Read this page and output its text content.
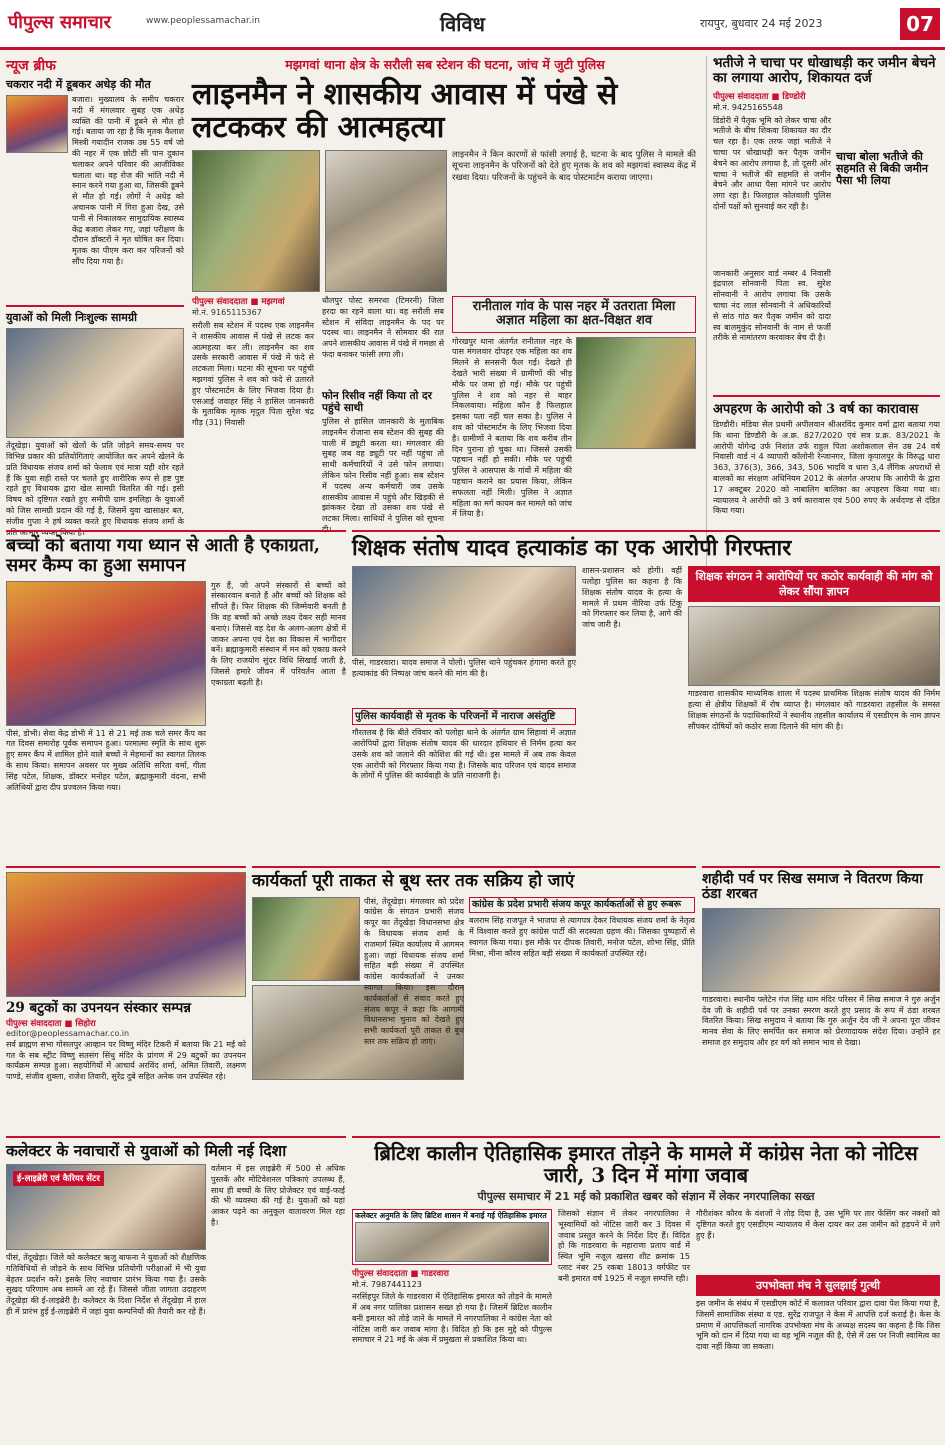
पीपुल्स समाचार	www.peoplessamachar.in	विविध	रायपुर, बुधवार 24 मई 2023	07
न्यूज ब्रीफ
चकरार नदी में डूबकर अधेड़ की मौत
बजारा। मुख्यालय के समीप चकरार नदी में मंगलवार सुबह एक अधेड़ व्यक्ति की पानी में डूबने से मौत हो गई। बताया जा रहा है कि मृतक कैलाश मिस्त्री गयादीन राजक उम्र 55 वर्ष जो की नहर में एक छोटी सी पान दुकान चलाकर अपने परिवार की आजीविका चलाता था। वह रोज की भांति नदी में स्नान करने गया हुआ था, जिसकी डूबने से मौत हो गई। लोगों ने अधेड़ को अचानक पानी में गिरा हुआ देख, उसे पानी से निकालकर सामुदायिक स्वास्थ्य केंद्र बजारा लेकर गए, जहां परीक्षण के दौरान डॉक्टरों ने मृत घोषित कर दिया। मृतक का पीएम करा कर परिजनों को सौंप दिया गया है।
युवाओं को मिली निःशुल्क सामग्री
तेंदूखेड़ा। युवाओं को खेलों के प्रति जोड़ने समय-समय पर विभिन्न प्रकार की प्रतियोगिताएं आयोजित कर अपने खेलने के प्रति विधायक संजय शर्मा को फेलाव एवं मात्रा यही शोर रहते हैं कि युवा सही रास्ते पर चलते हुए शारीरिक रूप से हष्ट पुष्ट रहते हुए विधायक द्वारा खेल सामग्री वितरित की गई। इसी विषय को दृष्टिगत रखते हुए समीपी ग्राम इमलिहा के युवाओं को जिस सामग्री प्रदान की गई है, जिसमें युवा खासाक्षर बत, संजीव गुप्ता ने हर्ष व्यक्त करते हुए विधायक संजय शर्मा के प्रति आभार व्यक्त किया है।
मझगवां थाना क्षेत्र के सरौली सब स्टेशन की घटना, जांच में जुटी पुलिस
लाइनमैन ने शासकीय आवास में पंखे से लटककर की आत्महत्या
लाइनमैन ने किन कारणों से फांसी लगाई है, घटना के बाद पुलिस ने मामले की सूचना लाइनमैन के परिजनों को देते हुए मृतक के शव को मझगवां स्वास्थ्य केंद्र में रखवा दिया। परिजनों के पहुंचने के बाद पोस्टमार्टम कराया जाएगा।
पीपुल्स संवाददाता ■ मझगवां
मो.नं. 9165115367
सरौली सब स्टेशन में पदस्थ एक लाइनमैन ने शासकीय आवास में पंखे से लटक कर आत्महत्या कर ली। लाइनमैन का शव उसके सरकारी आवास में पंखे में फंदे से लटकता मिला। घटना की सूचना पर पहुंची मझगवां पुलिस ने शव को फंदे से उतारते हुए पोस्टमार्टम के लिए भिजवा दिया है। एसआई जवाहर सिंह ने हासिल जानकारी के मुताबिक मृतक मृदुल पिता सुरेश चंद्र गौड़ (31) निवासी
धौलपुर पोस्ट समरथा (टिमरनी) जिला हरदा का रहने वाला था। वह सरौली सब स्टेशन में संविदा लाइनमैन के पद पर पदस्थ था। लाइनमैन ने सोमवार की रात अपने शासकीय आवास में पंखे में गमछा से फंदा बनाकर फांसी लगा ली।
फोन रिसीव नहीं किया तो दर पहुंचे साथी
पुलिस से हासिल जानकारी के मुताबिक लाइनमैन रोजाना सब स्टेशन की सुबह की पाली में ड्यूटी करता था। मंगलवार की सुबह जब वह ड्यूटी पर नहीं पहुंचा तो साथी कर्मचारियों ने उसे फोन लगाया। लेकिन फोन रिसीव नहीं हुआ। सब स्टेशन में पदस्थ अन्य कर्मचारी जब उसके शासकीय आवास में पहुंचे और खिड़की से झांककर देखा तो उसका शव पंखे से लटका मिला। साथियों ने पुलिस को सूचना दी।
रानीताल गांव के पास नहर में उतराता मिला अज्ञात महिला का क्षत-विक्षत शव
गोरखपुर थाना अंतर्गत रानीताल नहर के पास मंगलवार दोपहर एक महिला का शव मिलने से सनसनी फैल गई। देखते ही देखते भारी संख्या में ग्रामीणों की भीड़ मौके पर जमा हो गई। मौके पर पहुंची पुलिस ने शव को नहर से बाहर निकलवाया। महिला कौन है फिलहाल इसका पता नहीं चल सका है। पुलिस ने शव को पोस्टमार्टम के लिए भिजवा दिया है। ग्रामीणों ने बताया कि शव करीब तीन दिन पुराना हो चुका था। जिससे उसकी पहचान नहीं हो सकी। मौके पर पहुंची पुलिस ने आसपास के गांवों में महिला की पहचान कराने का प्रयास किया, लेकिन सफलता नहीं मिली। पुलिस ने अज्ञात महिला का मर्ग कायम कर मामले को जांच में लिया है।
भतीजे ने चाचा पर धोखाधड़ी कर जमीन बेचने का लगाया आरोप, शिकायत दर्ज
पीपुल्स संवाददाता ■ डिण्डोरी
मो.नं. 9425165548
डिंडोरी में पैतृक भूमि को लेकर चाचा और भतीजे के बीच शिकवा शिकायत का दौर चल रहा है। एक तरफ जहां भतीजे ने चाचा पर धोखाधड़ी कर पैतृक जमीन बेचने का आरोप लगाया है, तो दूसरी ओर चाचा ने भतीजे की सहमति से जमीन बेचने और आधा पैसा मांगने पर आरोप लगा रहा है। फिलहाल कोतवाली पुलिस दोनों पक्षों को सुनवाई कर रही है।
जानकारी अनुसार वार्ड नम्बर 4 निवासी इंद्रपाल सोनवानी पिता स्व. सुरेश सोनवानी ने आरोप लगाया कि उसके चाचा नंद लाल सोनवानी ने अधिकारियों से सांठ गांठ कर पैतृक जमीन को दादा स्व बालमुकुंद सोनवानी के नाम से फर्जी तरीके से नामांतरण करवाकर बेच दी है।
चाचा बोला भतीजे की सहमति से बिकी जमीन पैसा भी लिया
अपहरण के आरोपी को 3 वर्ष का कारावास
डिण्डौरी। मंडिया सेल प्रथमी अपीलवान श्रीअरविंद कुमार वर्मा द्वारा बताया गया कि थाना डिण्डौरी के अ.क्र. 827/2020 एवं सत्र प्र.क्र. 83/2021 के आरोपी योगेन्द्र उर्फ निशांत उर्फ राहुल पिता अशोकलाल सेन उम्र 24 वर्ष निवासी वार्ड नं 4 व्यापारी कॉलोनी रेन्जानगर, जिला कृपालपुर के विरुद्ध धारा 363, 376(3), 366, 343, 506 भादवि व धारा 3,4 लैंगिक अपराधों से बालकों का संरक्षण अधिनियम 2012 के अंतर्गत अपराध कि आरोपी के द्वारा 17 अक्टूबर 2020 को नाबालिग बालिका का अपहरण किया गया था। न्यायालय ने आरोपी को 3 वर्ष कारावास एवं 500 रुपए के अर्थदण्ड से दंडित किया गया।
बच्चों को बताया गया ध्यान से आती है एकाग्रता, समर कैम्प का हुआ समापन
पीसं, डोभी। सेवा केंद्र डोभी में 11 से 21 मई तक चले समर कैंप का गत दिवस समारोह पूर्वक समापन हुआ। परमात्मा स्मृति के साथ शुरू हुए समर कैंप में शामिल होने वाले बच्चों ने मेहमानों का स्वागत तिलक के साथ किया। समापन अवसर पर मुख्य अतिथि सरिता वर्मा, गीता सिंह पटेल, शिक्षक, डॉक्टर मनोहर पटेल, ब्रह्माकुमारी वंदना, सभी अतिथियों द्वारा दीप प्रज्वलन किया गया।
गुरु हैं, जो अपने संस्कारों से बच्चों को संस्कारवान बनाते हैं और बच्चों को शिक्षक को सौंपते हैं। फिर शिक्षक की जिम्मेवारी बनती है कि वह बच्चों को अच्छे लक्ष्य देकर सही मानव बनाएं। जिससे वह देश के अलग-अलग क्षेत्रों में जाकर अपना एवं देश का विकास में भागीदार बनें। ब्रह्माकुमारी संस्थान में मन को एकाग्र करने के लिए राजयोग सुंदर विधि सिखाई जाती है, जिससे हमारे जीवन में परिवर्तन आता है एकाग्रता बढ़ती है।
शिक्षक संतोष यादव हत्याकांड का एक आरोपी गिरफ्तार
पीसं, गाडरवारा। यादव समाज ने पोलो। पुलिस थाने पहुंचकर हंगामा करते हुए हत्याकांड की निष्पक्ष जांच करने की मांग की है।
पुलिस कार्यवाही से मृतक के परिजनों में नाराज असंतुष्टि
गौरतलब है कि बीते रविवार को पलोहा थाने के अंतर्गत ग्राम सिहावां में अज्ञात आरोपियों द्वारा शिक्षक संतोष यादव की धारदार हथियार से निर्मम हत्या कर उसके शव को जलाने की कोशिश की गई थी। इस मामले में अब तक केवल एक आरोपी को गिरफ्तार किया गया है। जिसके बाद परिजन एवं यादव समाज के लोगों में पुलिस की कार्यवाही के प्रति नाराजगी है।
शासन-प्रशासन को होगी। वहीं पलोहा पुलिस का कहना है कि शिक्षक संतोष यादव के हत्या के मामले में प्रथम नीरिया उर्फ टिंकू को गिरफ्तार कर लिया है, आगे की जांच जारी है।
शिक्षक संगठन ने आरोपियों पर कठोर कार्यवाही की मांग को लेकर सौंपा ज्ञापन
गाडरवारा शासकीय माध्यमिक शाला में पदस्थ प्राथमिक शिक्षक संतोष यादव की निर्मम हत्या से क्षेत्रीय शिक्षकों में रोष व्याप्त है। मंगलवार को गाडरवारा तहसील के समस्त शिक्षक संगठनों के पदाधिकारियों ने स्थानीय तहसील कार्यालय में एसडीएम के नाम ज्ञापन सौंपकर दोषियों को कठोर सजा दिलाने की मांग की है।
29 बटुकों का उपनयन संस्कार सम्पन्न
पीपुल्स संवाददाता ■ सिहोरा
editor@peoplessamachar.co.in
सर्व ब्राह्मण सभा गोसलपुर आव्हान पर विष्णु मंदिर टिकरी में बताया कि 21 मई को गत के सब स्ट्रीट विष्णु सतसंग सिंधु मंदिर के प्रांगण में 29 बटुकों का उपनयन कार्यक्रम सम्पन्न हुआ। सहयोगियों में आचार्य अरविंद शर्मा, अमित तिवारी, लक्ष्मण पाण्डे, संजीव शुक्ला, राजेश तिवारी, सुरेंद्र दुबे सहित अनेक जन उपस्थित रहे।
कार्यकर्ता पूरी ताकत से बूथ स्तर तक सक्रिय हो जाएं
पीसं, तेंदूखेड़ा। मंगलवार को प्रदेश कांग्रेस के संगठन प्रभारी संजय कपूर का तेंदूखेड़ा विधानसभा क्षेत्र के विधायक संजय शर्मा के राजमार्ग स्थित कार्यालय में आगमन हुआ। जहां विधायक संजय शर्मा सहित बड़ी संख्या में उपस्थित कांग्रेस कार्यकर्ताओं ने उनका स्वागत किया। इस दौरान कार्यकर्ताओं से संवाद करते हुए संजय कपूर ने कहा कि आगामी विधानसभा चुनाव को देखते हुए सभी कार्यकर्ता पूरी ताकत से बूथ स्तर तक सक्रिय हो जाएं।
कांग्रेस के प्रदेश प्रभारी संजय कपूर कार्यकर्ताओं से हुए रूबरू
बलराम सिंह राजपूत ने भाजपा से त्यागपत्र देकर विधायक संजय शर्मा के नेतृत्व में विश्वास करते हुए कांग्रेस पार्टी की सदस्यता ग्रहण की। जिसका पुष्पहारों से स्वागत किया गया। इस मौके पर दीपक तिवारी, मनोज पटेल, शोभा सिंह, प्रीति मिश्रा, मीना कौरव सहित बड़ी संख्या में कार्यकर्ता उपस्थित रहे।
शहीदी पर्व पर सिख समाज ने वितरण किया ठंडा शरबत
गाडरवारा। स्थानीय फ्लेटेन गंज सिंह धाम मंदिर परिसर में सिख समाज ने गुरु अर्जुन देव जी के शहीदी पर्व पर उनका स्मरण करते हुए प्रसाद के रूप में ठंडा शरबत वितरित किया। सिख समुदाय ने बताया कि गुरु अर्जुन देव जी ने अपना पूरा जीवन मानव सेवा के लिए समर्पित कर समाज को प्रेरणादायक संदेश दिया। उन्होंने हर समाज हर समुदाय और हर वर्ग को समान भाव से देखा।
कलेक्टर के नवाचारों से युवाओं को मिली नई दिशा
ई-लाइब्रेरी एवं कैरियर सेंटर
पीसं, तेंदूखेड़ा। जिले को कलेक्टर ऋजु बाफना ने युवाओं को शैक्षणिक गतिविधियों से जोड़ने के साथ विभिन्न प्रतियोगी परीक्षाओं में भी युवा बेहतर प्रदर्शन करें। इसके लिए नवाचार प्रारंभ किया गया है। उसके सुखद परिणाम अब सामने आ रहे हैं। जिससे जीता जागता उदाहरण तेंदूखेड़ा की ई-लाइब्रेरी है। कलेक्टर के दिशा निर्देश से तेंदूखेड़ा में हाल ही में प्रारंभ हुई ई-लाइब्रेरी में जहां युवा कम्पनियों की तैयारी कर रहे हैं।
वर्तमान में इस लाइब्रेरी में 500 से अधिक पुस्तकें और मोटिवेशनल पत्रिकाएं उपलब्ध हैं, साथ ही बच्चों के लिए प्रोजेक्टर एवं वाई-फाई की भी व्यवस्था की गई है। युवाओं को यहां आकर पढ़ने का अनुकूल वातावरण मिल रहा है।
ब्रिटिश कालीन ऐतिहासिक इमारत तोड़ने के मामले में कांग्रेस नेता को नोटिस जारी, 3 दिन में मांगा जवाब
पीपुल्स समाचार में 21 मई को प्रकाशित खबर को संज्ञान में लेकर नगरपालिका सख्त
कलेक्टर अनुमति के लिए ब्रिटिश शासन में बनाई गई ऐतिहासिक इमारत
पीपुल्स संवाददाता ■ गाडरवारा
मो.नं. 7987441123
नरसिंहपुर जिले के गाडरवारा में ऐतिहासिक इमारत को तोड़ने के मामले में अब नगर पालिका प्रशासन सख्त हो गया है। जिसमें ब्रिटिश कालीन बनी इमारत को तोड़े जाने के मामले में नगरपालिका ने कांग्रेस नेता को नोटिस जारी कर जवाब मांगा है। विदित हो कि इस मुद्दे को पीपुल्स समाचार ने 21 मई के अंक में प्रमुखता से प्रकाशित किया था।
जिसको संज्ञान में लेकर नगरपालिका ने भूस्वामियों को नोटिस जारी कर 3 दिवस में जवाब प्रस्तुत करने के निर्देश दिए हैं। विदित हो कि गाडरवारा के महाराणा प्रताप वार्ड में स्थित भूमि नजूल खसरा शीट क्रमांक 15 प्लाट नंबर 25 रकबा 18013 वर्गफीट पर बनी इमारत वर्ष 1925 में नजूल सम्पत्ति रही।
गौरीशंकर कौरव के वंशजों ने तोड़ दिया है, उस भूमि पर तार फेंसिंग कर नक्शों को दृष्टिगत करते हुए एसडीएम न्यायालय में केस दायर कर उस जमीन को हड़पने में लगे हुए हैं।
उपभोक्ता मंच ने सुलझाई गुत्थी
इस जमीन के संबंध में एसडीएम कोर्ट में कलावत परिवार द्वारा दावा पेश किया गया है, जिसमें सामाजिक संस्था व एड. सुरेंद्र राजपूत ने केस में आपत्ति दर्ज कराई है। केस के प्रमाण में आपत्तिकर्ता नागरिक उपभोक्ता मंच के अध्यक्ष सदस्य का कहना है कि जिस भूमि को दान में दिया गया था वह भूमि नजूल की है, ऐसे में उस पर निजी स्वामित्व का दावा नहीं किया जा सकता।
